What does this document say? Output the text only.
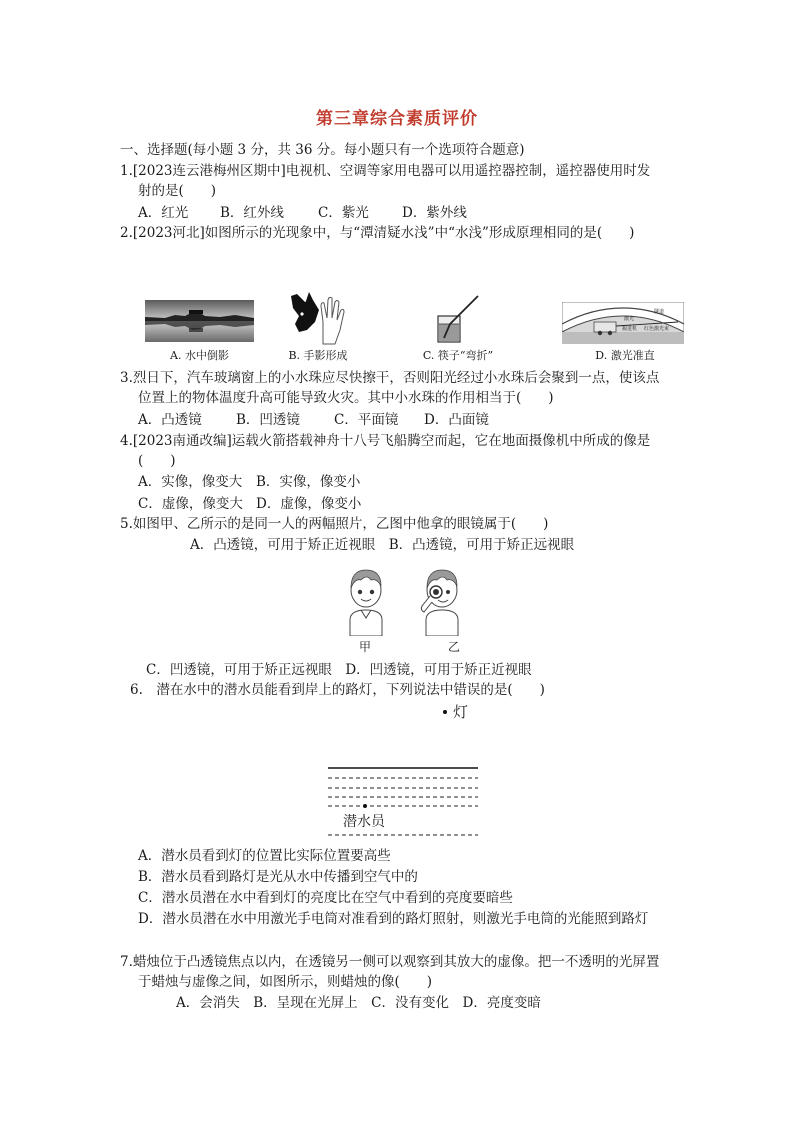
第三章综合素质评价
一、选择题(每小题 3 分，共 36 分。每小题只有一个选项符合题意)
1.[2023连云港梅州区期中]电视机、空调等家用电器可以用遥控器控制，遥控器使用时发
射的是(　　)
A．红光 B．红外线	C．紫光 D．紫外线
2.[2023河北]如图所示的光现象中，与“潭清疑水浅”中“水浅”形成原理相同的是(　　)
A. 水中倒影	B. 手影形成	C. 筷子“弯折”
隧道
激光
掘进机 红色激光束
D. 激光准直
3.烈日下，汽车玻璃窗上的小水珠应尽快擦干，否则阳光经过小水珠后会聚到一点，使该点
位置上的物体温度升高可能导致火灾。其中小水珠的作用相当于(　　)
A．凸透镜	B．凹透镜	C．平面镜 D．凸面镜
4.[2023南通改编]运载火箭搭载神舟十八号飞船腾空而起，它在地面摄像机中所成的像是
(　　)
A．实像，像变大 B．实像，像变小
C．虚像，像变大 D．虚像，像变小
5.如图甲、乙所示的是同一人的两幅照片，乙图中他拿的眼镜属于(　　)
A．凸透镜，可用于矫正近视眼　B．凸透镜，可用于矫正远视眼
甲	乙
C．凹透镜，可用于矫正远视眼　D．凹透镜，可用于矫正近视眼
6.　潜在水中的潜水员能看到岸上的路灯，下列说法中错误的是(　　)
灯
潜水员
A．潜水员看到灯的位置比实际位置要高些
B．潜水员看到路灯是光从水中传播到空气中的
C．潜水员潜在水中看到灯的亮度比在空气中看到的亮度要暗些
D．潜水员潜在水中用激光手电筒对准看到的路灯照射，则激光手电筒的光能照到路灯
7.蜡烛位于凸透镜焦点以内，在透镜另一侧可以观察到其放大的虚像。把一不透明的光屏置
于蜡烛与虚像之间，如图所示，则蜡烛的像(　　)
A．会消失　B．呈现在光屏上　C．没有变化　D．亮度变暗
